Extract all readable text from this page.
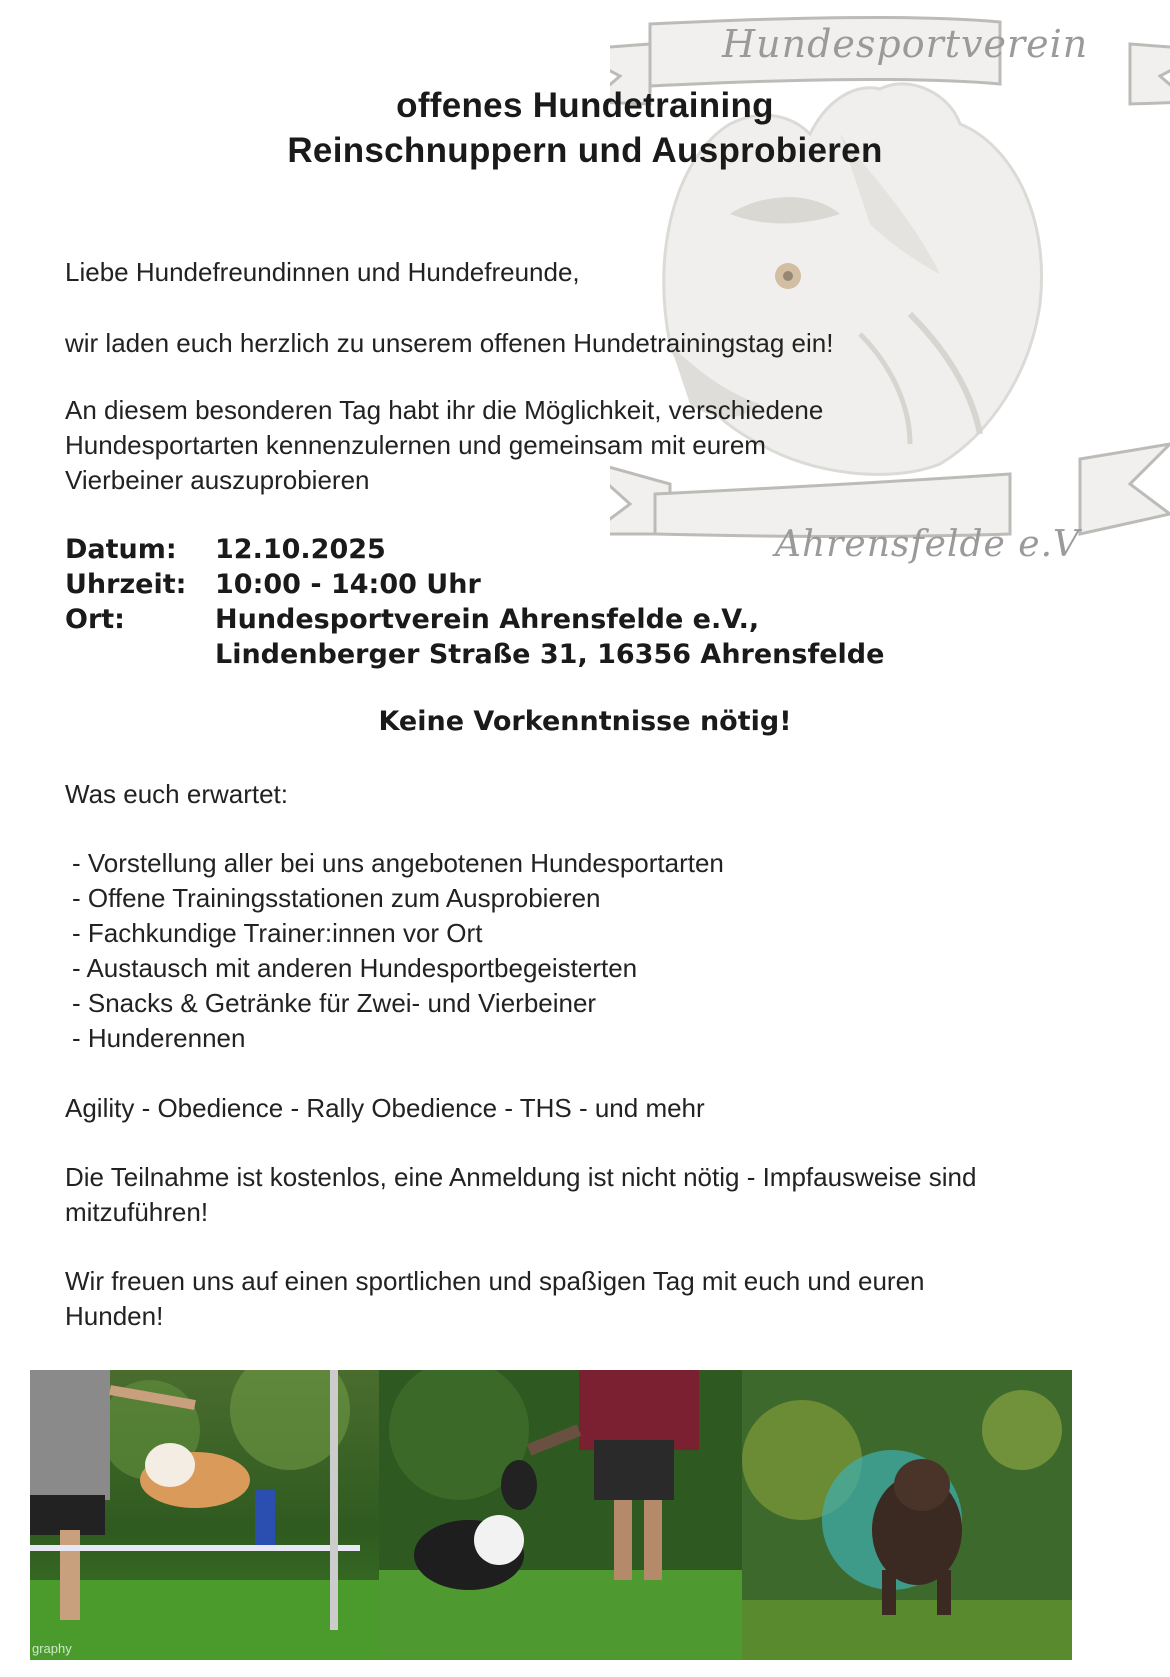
Hundesportverein
Ahrensfelde e.V
offenes Hundetraining
Reinschnuppern und Ausprobieren
Liebe Hundefreundinnen und Hundefreunde,
wir laden euch herzlich zu unserem offenen Hundetrainingstag ein!
An diesem besonderen Tag habt ihr die Möglichkeit, verschiedene
Hundesportarten kennenzulernen und gemeinsam mit eurem
Vierbeiner auszuprobieren
Datum:	12.10.2025
Uhrzeit:	10:00 - 14:00 Uhr
Ort:	Hundesportverein Ahrensfelde e.V.,
Lindenberger Straße 31, 16356 Ahrensfelde
Keine Vorkenntnisse nötig!
Was euch erwartet:
- Vorstellung aller bei uns angebotenen Hundesportarten
- Offene Trainingsstationen zum Ausprobieren
- Fachkundige Trainer:innen vor Ort
- Austausch mit anderen Hundesportbegeisterten
- Snacks & Getränke für Zwei- und Vierbeiner
- Hunderennen
Agility - Obedience - Rally Obedience - THS - und mehr
Die Teilnahme ist kostenlos, eine Anmeldung ist nicht nötig - Impfausweise sind
mitzuführen!
Wir freuen uns auf einen sportlichen und spaßigen Tag mit euch und euren
Hunden!
graphy
